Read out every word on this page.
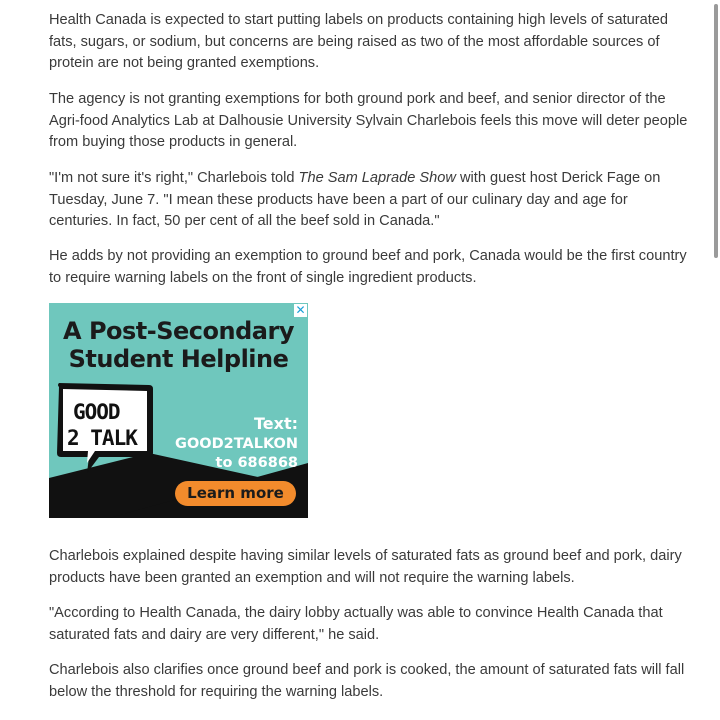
Health Canada is expected to start putting labels on products containing high levels of saturated fats, sugars, or sodium, but concerns are being raised as two of the most affordable sources of protein are not being granted exemptions.

The agency is not granting exemptions for both ground pork and beef, and senior director of the Agri-food Analytics Lab at Dalhousie University Sylvain Charlebois feels this move will deter people from buying those products in general.

"I'm not sure it's right," Charlebois told The Sam Laprade Show with guest host Derick Fage on Tuesday, June 7. "I mean these products have been a part of our culinary day and age for centuries. In fact, 50 per cent of all the beef sold in Canada."

He adds by not providing an exemption to ground beef and pork, Canada would be the first country to require warning labels on the front of single ingredient products.

Charlebois explained despite having similar levels of saturated fats as ground beef and pork, dairy products have been granted an exemption and will not require the warning labels.

"According to Health Canada, the dairy lobby actually was able to convince Health Canada that saturated fats and dairy are very different," he said.

Charlebois also clarifies once ground beef and pork is cooked, the amount of saturated fats will fall below the threshold for requiring the warning labels.

✕
A Post-Secondary
Student Helpline
GOOD
2 TALK
Text:
GOOD2TALKON
to 686868
Learn more
